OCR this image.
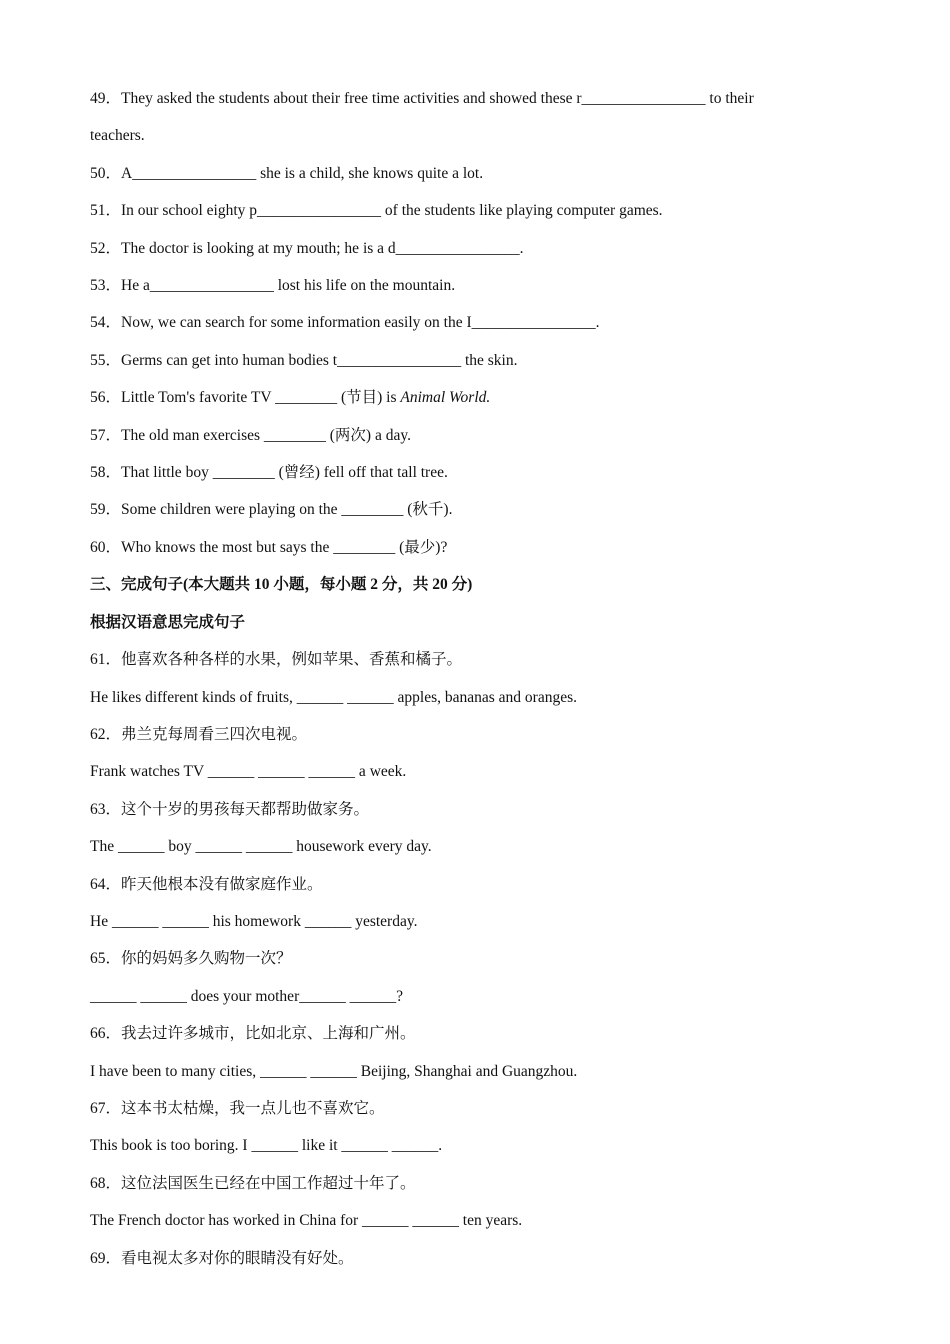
49．They asked the students about their free time activities and showed these r________________ to their
teachers.
50．A________________ she is a child, she knows quite a lot.
51．In our school eighty p________________ of the students like playing computer games.
52．The doctor is looking at my mouth; he is a d________________.
53．He a________________ lost his life on the mountain.
54．Now, we can search for some information easily on the I________________.
55．Germs can get into human bodies t________________ the skin.
56．Little Tom's favorite TV ________ (节目) is Animal World.
57．The old man exercises ________ (两次) a day.
58．That little boy ________ (曾经) fell off that tall tree.
59．Some children were playing on the ________ (秋千).
60．Who knows the most but says the ________ (最少)?
三、完成句子(本大题共 10 小题，每小题 2 分，共 20 分)
根据汉语意思完成句子
61．他喜欢各种各样的水果，例如苹果、香蕉和橘子。
He likes different kinds of fruits, ______ ______ apples, bananas and oranges.
62．弗兰克每周看三四次电视。
Frank watches TV ______ ______ ______ a week.
63．这个十岁的男孩每天都帮助做家务。
The ______ boy ______ ______ housework every day.
64．昨天他根本没有做家庭作业。
He ______ ______ his homework ______ yesterday.
65．你的妈妈多久购物一次？
______ ______ does your mother______ ______?
66．我去过许多城市，比如北京、上海和广州。
I have been to many cities, ______ ______ Beijing, Shanghai and Guangzhou.
67．这本书太枯燥，我一点儿也不喜欢它。
This book is too boring. I ______ like it ______ ______.
68．这位法国医生已经在中国工作超过十年了。
The French doctor has worked in China for ______ ______ ten years.
69．看电视太多对你的眼睛没有好处。
